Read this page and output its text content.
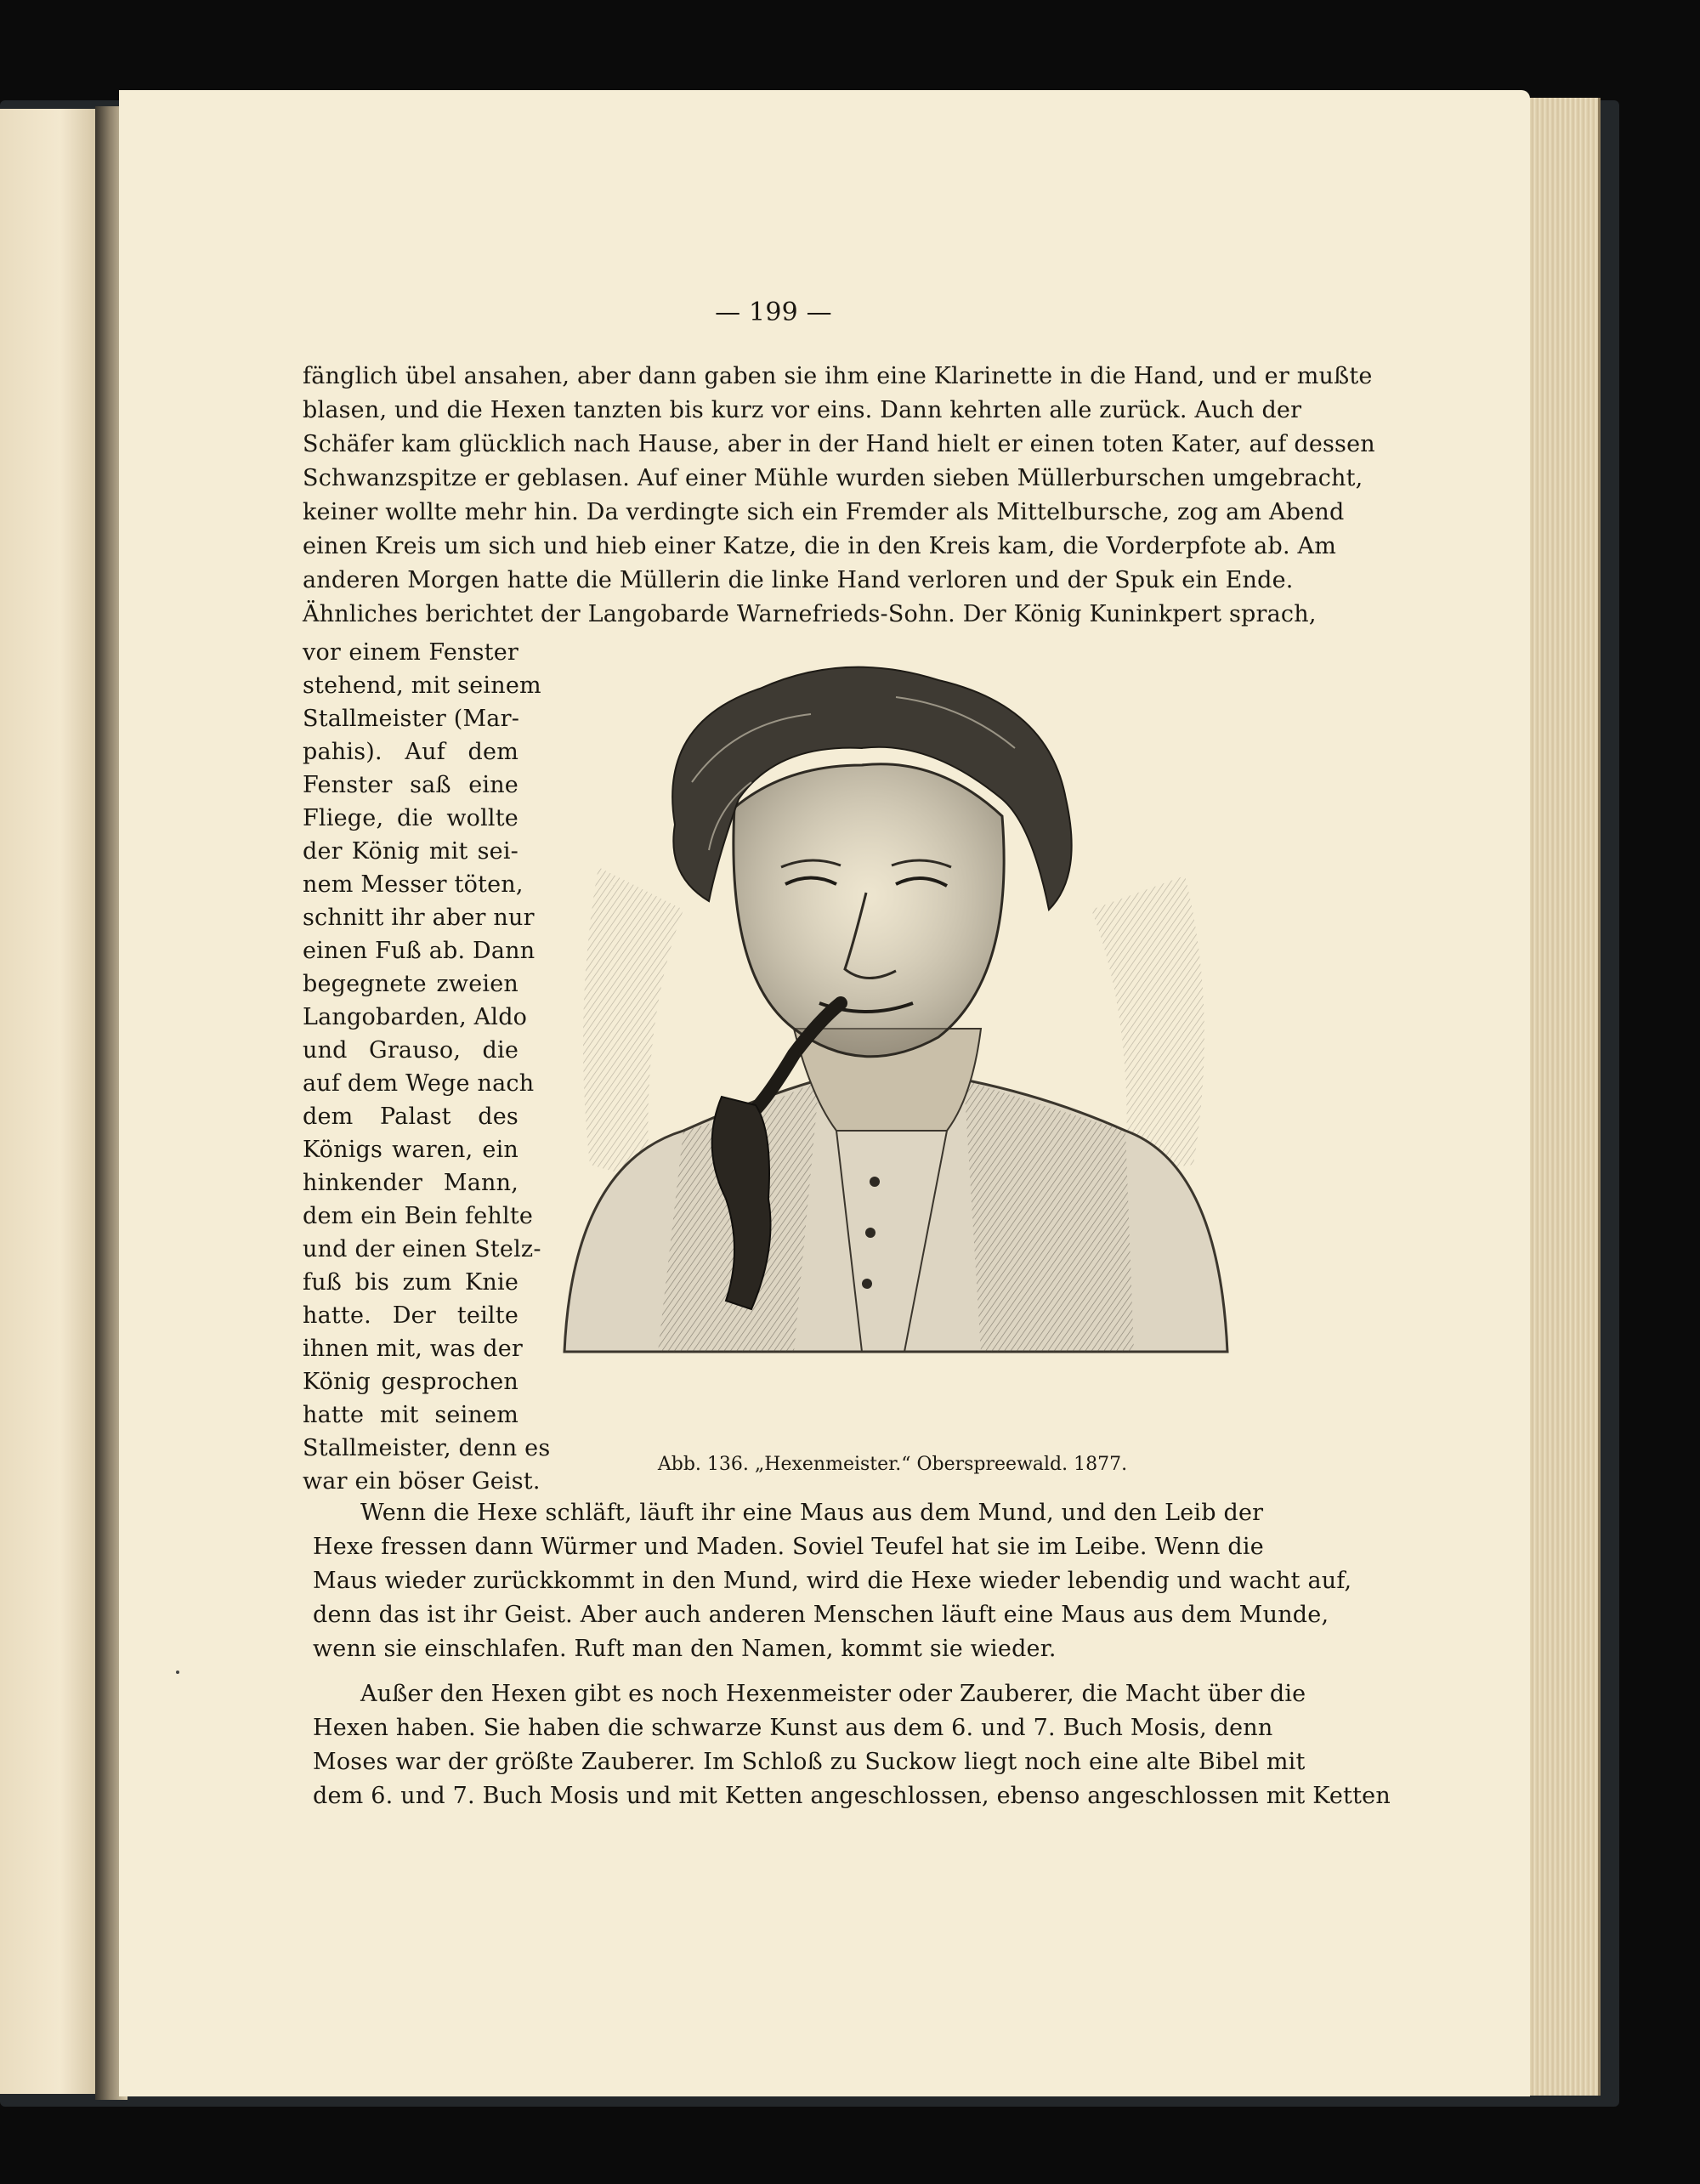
— 199 —
fänglich übel ansahen, aber dann gaben sie ihm eine Klarinette in die Hand, und er mußte
blasen, und die Hexen tanzten bis kurz vor eins. Dann kehrten alle zurück. Auch der
Schäfer kam glücklich nach Hause, aber in der Hand hielt er einen toten Kater, auf dessen
Schwanzspitze er geblasen. Auf einer Mühle wurden sieben Müllerburschen umgebracht,
keiner wollte mehr hin. Da verdingte sich ein Fremder als Mittelbursche, zog am Abend
einen Kreis um sich und hieb einer Katze, die in den Kreis kam, die Vorderpfote ab. Am
anderen Morgen hatte die Müllerin die linke Hand verloren und der Spuk ein Ende.
Ähnliches berichtet der Langobarde Warnefrieds-Sohn. Der König Kuninkpert sprach,
vor einem Fenster
stehend, mit seinem
Stallmeister (Mar-
pahis). Auf dem
Fenster saß eine
Fliege, die wollte
der König mit sei-
nem Messer töten,
schnitt ihr aber nur
einen Fuß ab. Dann
begegnete zweien
Langobarden, Aldo
und Grauso, die
auf dem Wege nach
dem Palast des
Königs waren, ein
hinkender Mann,
dem ein Bein fehlte
und der einen Stelz-
fuß bis zum Knie
hatte. Der teilte
ihnen mit, was der
König gesprochen
hatte mit seinem
Stallmeister, denn es
war ein böser Geist.
Abb. 136. „Hexenmeister.“ Oberspreewald. 1877.
Wenn die Hexe schläft, läuft ihr eine Maus aus dem Mund, und den Leib der
Hexe fressen dann Würmer und Maden. Soviel Teufel hat sie im Leibe. Wenn die
Maus wieder zurückkommt in den Mund, wird die Hexe wieder lebendig und wacht auf,
denn das ist ihr Geist. Aber auch anderen Menschen läuft eine Maus aus dem Munde,
wenn sie einschlafen. Ruft man den Namen, kommt sie wieder.
Außer den Hexen gibt es noch Hexenmeister oder Zauberer, die Macht über die
Hexen haben. Sie haben die schwarze Kunst aus dem 6. und 7. Buch Mosis, denn
Moses war der größte Zauberer. Im Schloß zu Suckow liegt noch eine alte Bibel mit
dem 6. und 7. Buch Mosis und mit Ketten angeschlossen, ebenso angeschlossen mit Ketten
